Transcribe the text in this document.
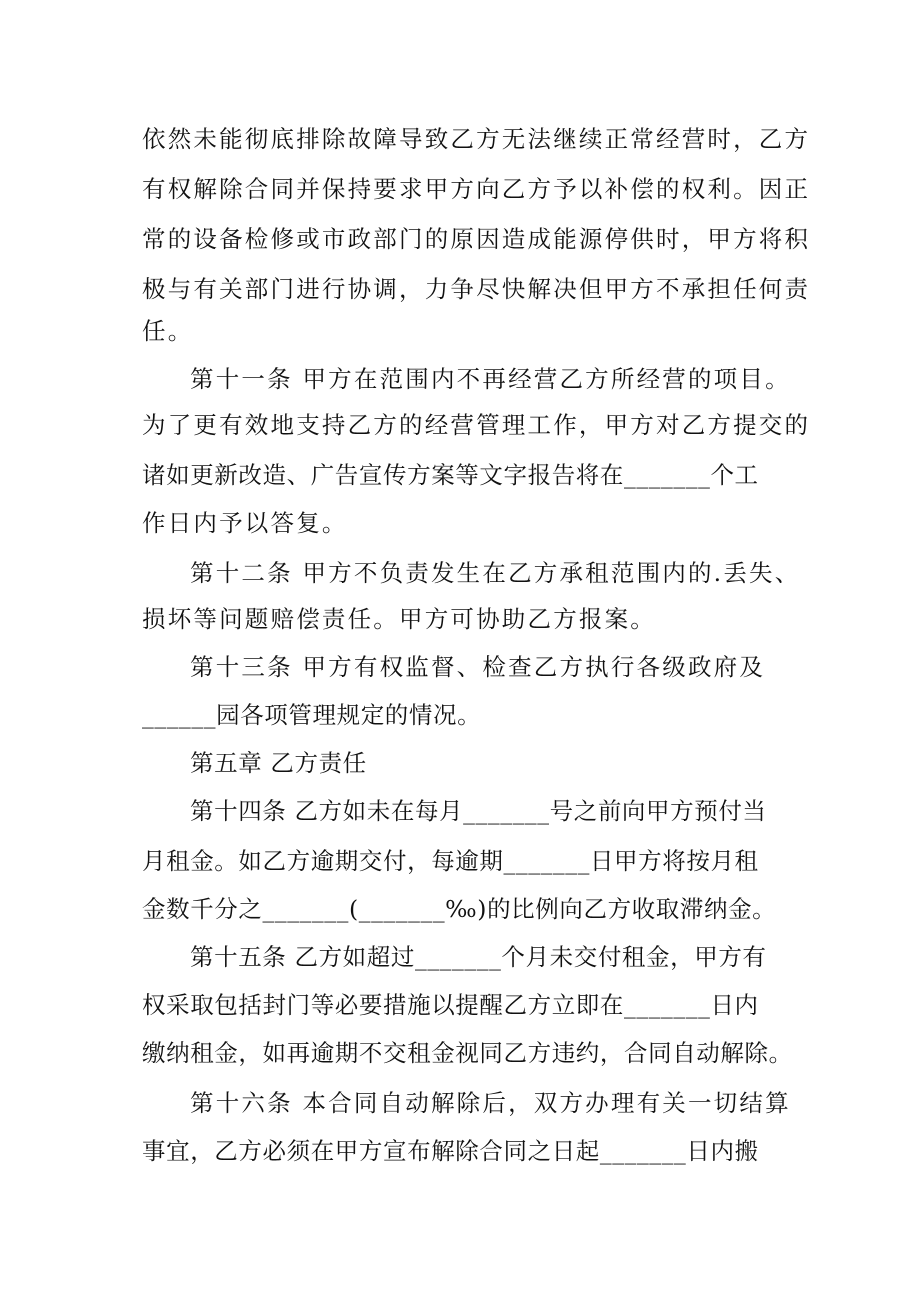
依然未能彻底排除故障导致乙方无法继续正常经营时，乙方
有权解除合同并保持要求甲方向乙方予以补偿的权利。因正
常的设备检修或市政部门的原因造成能源停供时，甲方将积
极与有关部门进行协调，力争尽快解决但甲方不承担任何责
任。
第十一条 甲方在范围内不再经营乙方所经营的项目。
为了更有效地支持乙方的经营管理工作，甲方对乙方提交的
诸如更新改造、广告宣传方案等文字报告将在_______个工
作日内予以答复。
第十二条 甲方不负责发生在乙方承租范围内的.丢失、
损坏等问题赔偿责任。甲方可协助乙方报案。
第十三条 甲方有权监督、检查乙方执行各级政府及
______园各项管理规定的情况。
第五章 乙方责任
第十四条 乙方如未在每月_______号之前向甲方预付当
月租金。如乙方逾期交付，每逾期_______日甲方将按月租
金数千分之_______(_______‰)的比例向乙方收取滞纳金。
第十五条 乙方如超过_______个月未交付租金，甲方有
权采取包括封门等必要措施以提醒乙方立即在_______日内
缴纳租金，如再逾期不交租金视同乙方违约，合同自动解除。
第十六条 本合同自动解除后，双方办理有关一切结算
事宜，乙方必须在甲方宣布解除合同之日起_______日内搬
